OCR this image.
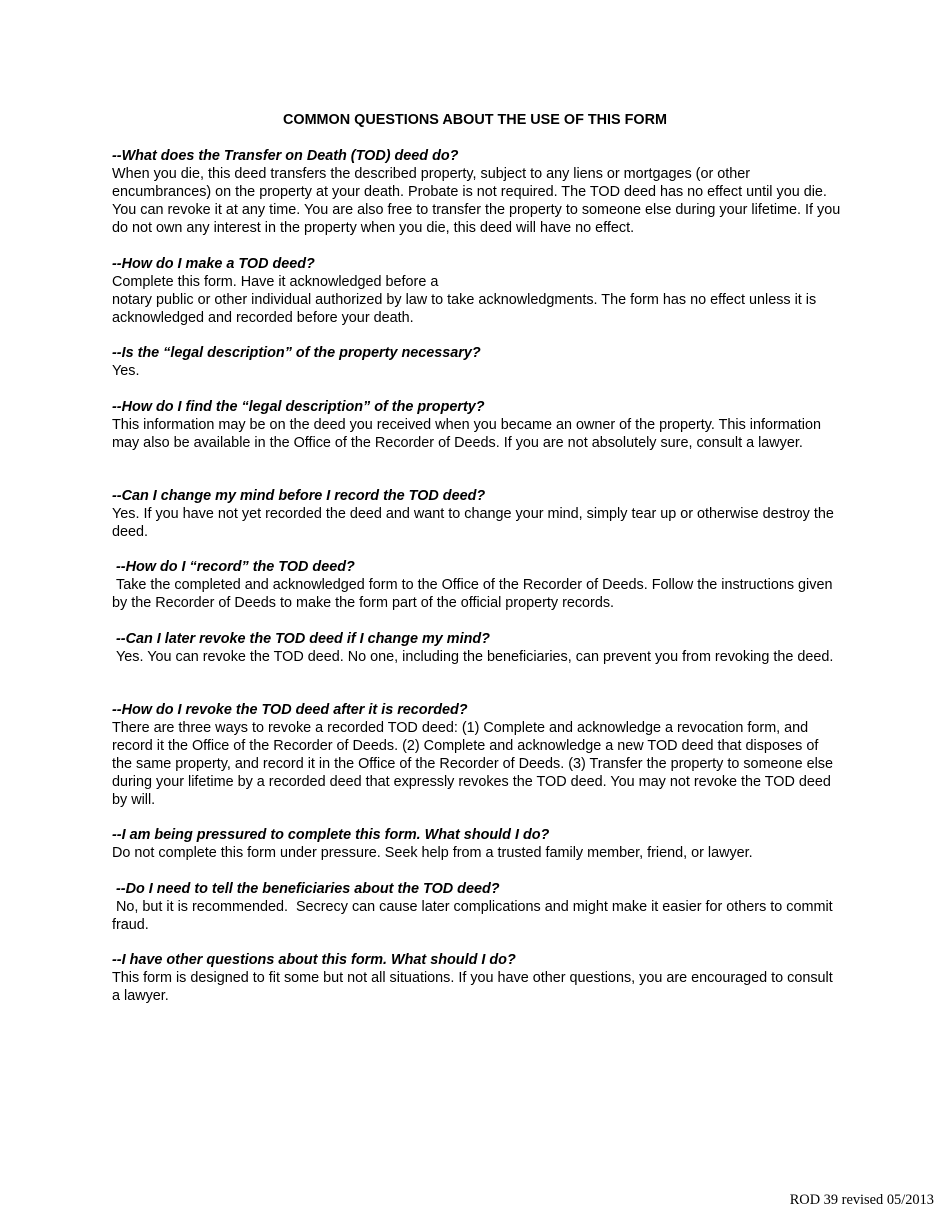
COMMON QUESTIONS ABOUT THE USE OF THIS FORM
--What does the Transfer on Death (TOD) deed do?
When you die, this deed transfers the described property, subject to any liens or mortgages (or other encumbrances) on the property at your death. Probate is not required. The TOD deed has no effect until you die. You can revoke it at any time. You are also free to transfer the property to someone else during your lifetime. If you do not own any interest in the property when you die, this deed will have no effect.
--How do I make a TOD deed?
Complete this form. Have it acknowledged before a
notary public or other individual authorized by law to take acknowledgments. The form has no effect unless it is acknowledged and recorded before your death.
--Is the “legal description” of the property necessary?
Yes.
--How do I find the “legal description” of the property?
This information may be on the deed you received when you became an owner of the property. This information may also be available in the Office of the Recorder of Deeds. If you are not absolutely sure, consult a lawyer.
--Can I change my mind before I record the TOD deed?
Yes. If you have not yet recorded the deed and want to change your mind, simply tear up or otherwise destroy the deed.
--How do I “record” the TOD deed?
Take the completed and acknowledged form to the Office of the Recorder of Deeds. Follow the instructions given by the Recorder of Deeds to make the form part of the official property records.
--Can I later revoke the TOD deed if I change my mind?
Yes. You can revoke the TOD deed. No one, including the beneficiaries, can prevent you from revoking the deed.
--How do I revoke the TOD deed after it is recorded?
There are three ways to revoke a recorded TOD deed: (1) Complete and acknowledge a revocation form, and record it the Office of the Recorder of Deeds. (2) Complete and acknowledge a new TOD deed that disposes of the same property, and record it in the Office of the Recorder of Deeds. (3) Transfer the property to someone else during your lifetime by a recorded deed that expressly revokes the TOD deed. You may not revoke the TOD deed by will.
--I am being pressured to complete this form. What should I do?
Do not complete this form under pressure. Seek help from a trusted family member, friend, or lawyer.
--Do I need to tell the beneficiaries about the TOD deed?
No, but it is recommended.  Secrecy can cause later complications and might make it easier for others to commit fraud.
--I have other questions about this form. What should I do?
This form is designed to fit some but not all situations. If you have other questions, you are encouraged to consult a lawyer.
ROD 39 revised 05/2013
